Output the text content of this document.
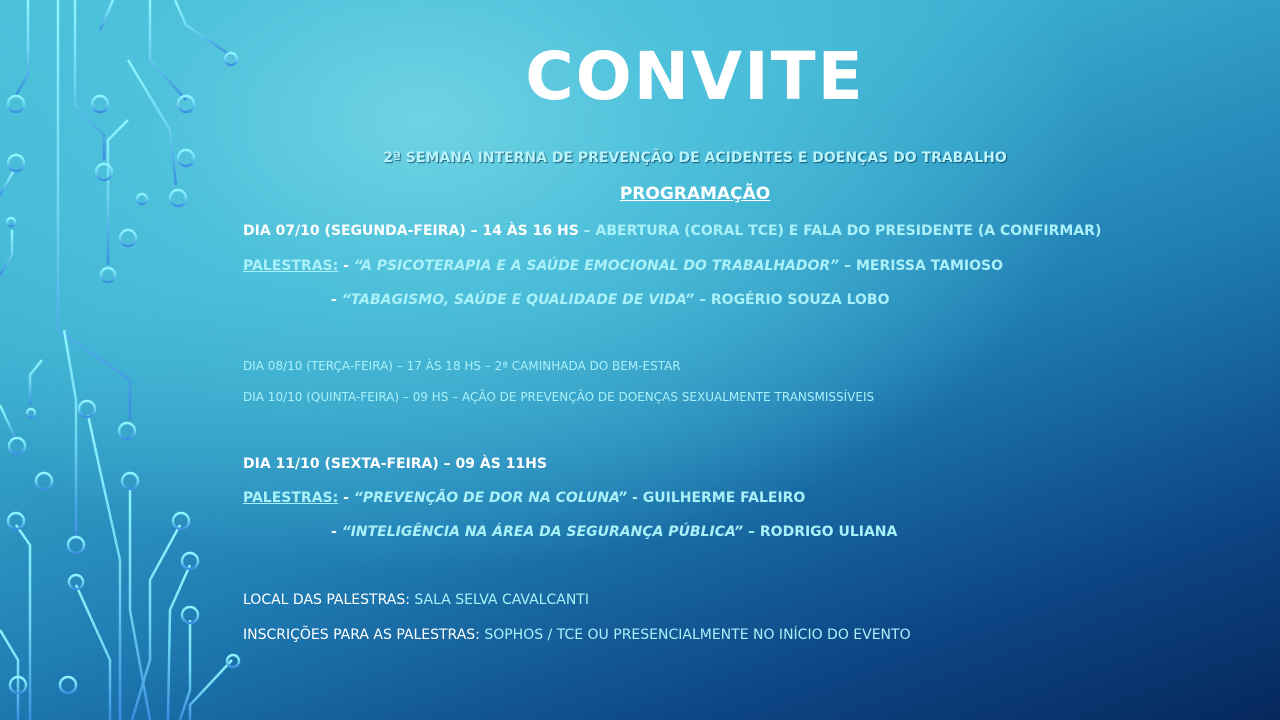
CONVITE
2ª SEMANA INTERNA DE PREVENÇÃO DE ACIDENTES E DOENÇAS DO TRABALHO
PROGRAMAÇÃO
DIA 07/10 (SEGUNDA-FEIRA) – 14 ÀS 16 HS – ABERTURA (CORAL TCE) E FALA DO PRESIDENTE (A CONFIRMAR)
PALESTRAS: - “A PSICOTERAPIA E A SAÚDE EMOCIONAL DO TRABALHADOR” – MERISSA TAMIOSO
- “TABAGISMO, SAÚDE E QUALIDADE DE VIDA” – ROGÉRIO SOUZA LOBO
DIA 08/10 (TERÇA-FEIRA) – 17 ÀS 18 HS – 2ª CAMINHADA DO BEM-ESTAR
DIA 10/10 (QUINTA-FEIRA) – 09 HS – AÇÃO DE PREVENÇÃO DE DOENÇAS SEXUALMENTE TRANSMISSÍVEIS
DIA 11/10 (SEXTA-FEIRA) – 09 ÀS 11HS
PALESTRAS: - “PREVENÇÃO DE DOR NA COLUNA” - GUILHERME FALEIRO
- “INTELIGÊNCIA NA ÁREA DA SEGURANÇA PÚBLICA” – RODRIGO ULIANA
LOCAL DAS PALESTRAS: SALA SELVA CAVALCANTI
INSCRIÇÕES PARA AS PALESTRAS: SOPHOS / TCE OU PRESENCIALMENTE NO INÍCIO DO EVENTO
